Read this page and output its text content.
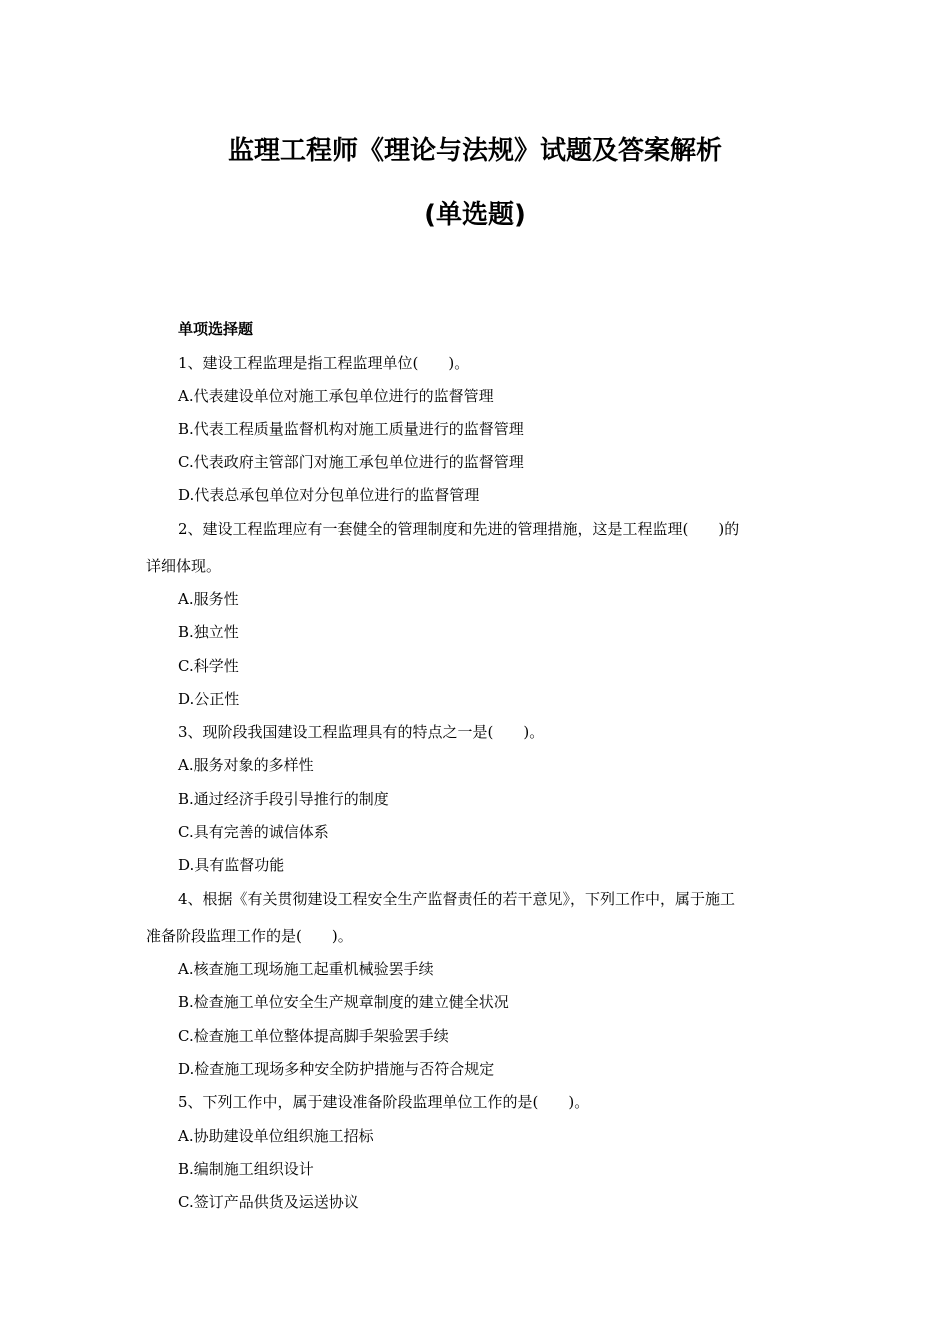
监理工程师《理论与法规》试题及答案解析
(单选题)
单项选择题
1、建设工程监理是指工程监理单位(　　)。
A.代表建设单位对施工承包单位进行的监督管理
B.代表工程质量监督机构对施工质量进行的监督管理
C.代表政府主管部门对施工承包单位进行的监督管理
D.代表总承包单位对分包单位进行的监督管理
2、建设工程监理应有一套健全的管理制度和先进的管理措施，这是工程监理(　　)的
详细体现。
A.服务性
B.独立性
C.科学性
D.公正性
3、现阶段我国建设工程监理具有的特点之一是(　　)。
A.服务对象的多样性
B.通过经济手段引导推行的制度
C.具有完善的诚信体系
D.具有监督功能
4、根据《有关贯彻建设工程安全生产监督责任的若干意见》，下列工作中，属于施工
准备阶段监理工作的是(　　)。
A.核查施工现场施工起重机械验罢手续
B.检查施工单位安全生产规章制度的建立健全状况
C.检查施工单位整体提高脚手架验罢手续
D.检查施工现场多种安全防护措施与否符合规定
5、下列工作中，属于建设准备阶段监理单位工作的是(　　)。
A.协助建设单位组织施工招标
B.编制施工组织设计
C.签订产品供货及运送协议
